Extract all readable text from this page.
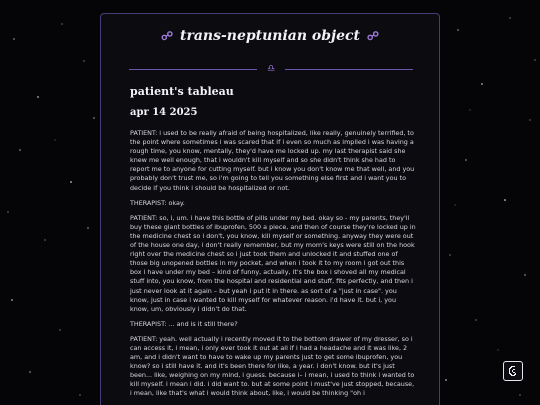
☍ trans-neptunian object ☍
♎
patient's tableau
apr 14 2025

PATIENT: i used to be really afraid of being hospitalized, like really, genuinely terrified, to the point where sometimes i was scared that if i even so much as implied i was having a rough time, you know, mentally, they'd have me locked up. my last therapist said she knew me well enough, that i wouldn't kill myself and so she didn't think she had to report me to anyone for cutting myself. but i know you don't know me that well, and you probably don't trust me, so i'm going to tell you something else first and i want you to decide if you think i should be hospitalized or not.

THERAPIST: okay.

PATIENT: so, i, um. i have this bottle of pills under my bed. okay so - my parents, they'll buy these giant bottles of ibuprofen, 500 a piece, and then of course they're locked up in the medicine chest so i don't, you know, kill myself or something. anyway they were out of the house one day, i don't really remember, but my mom's keys were still on the hook right over the medicine chest so i just took them and unlocked it and stuffed one of those big unopened bottles in my pocket, and when i took it to my room i got out this box i have under my bed – kind of funny, actually, it's the box i shoved all my medical stuff into, you know, from the hospital and residential and stuff, fits perfectly, and then i just never look at it again – but yeah i put it in there. as sort of a "just in case". you know, just in case i wanted to kill myself for whatever reason. i'd have it. but i, you know, um, obviously i didn't do that.

THERAPIST: ... and is it still there?

PATIENT: yeah. well actually i recently moved it to the bottom drawer of my dresser, so i can access it, i mean, i only ever took it out at all if i had a headache and it was like, 2 am, and i didn't want to have to wake up my parents just to get some ibuprofen, you know? so i still have it. and it's been there for like, a year. i don't know. but it's just been... like, weighing on my mind, i guess. because i– i mean, i used to think i wanted to kill myself. i mean i did. i did want to. but at some point i must've just stopped, because, i mean, like that's what i would think about, like, i would be thinking "oh i
